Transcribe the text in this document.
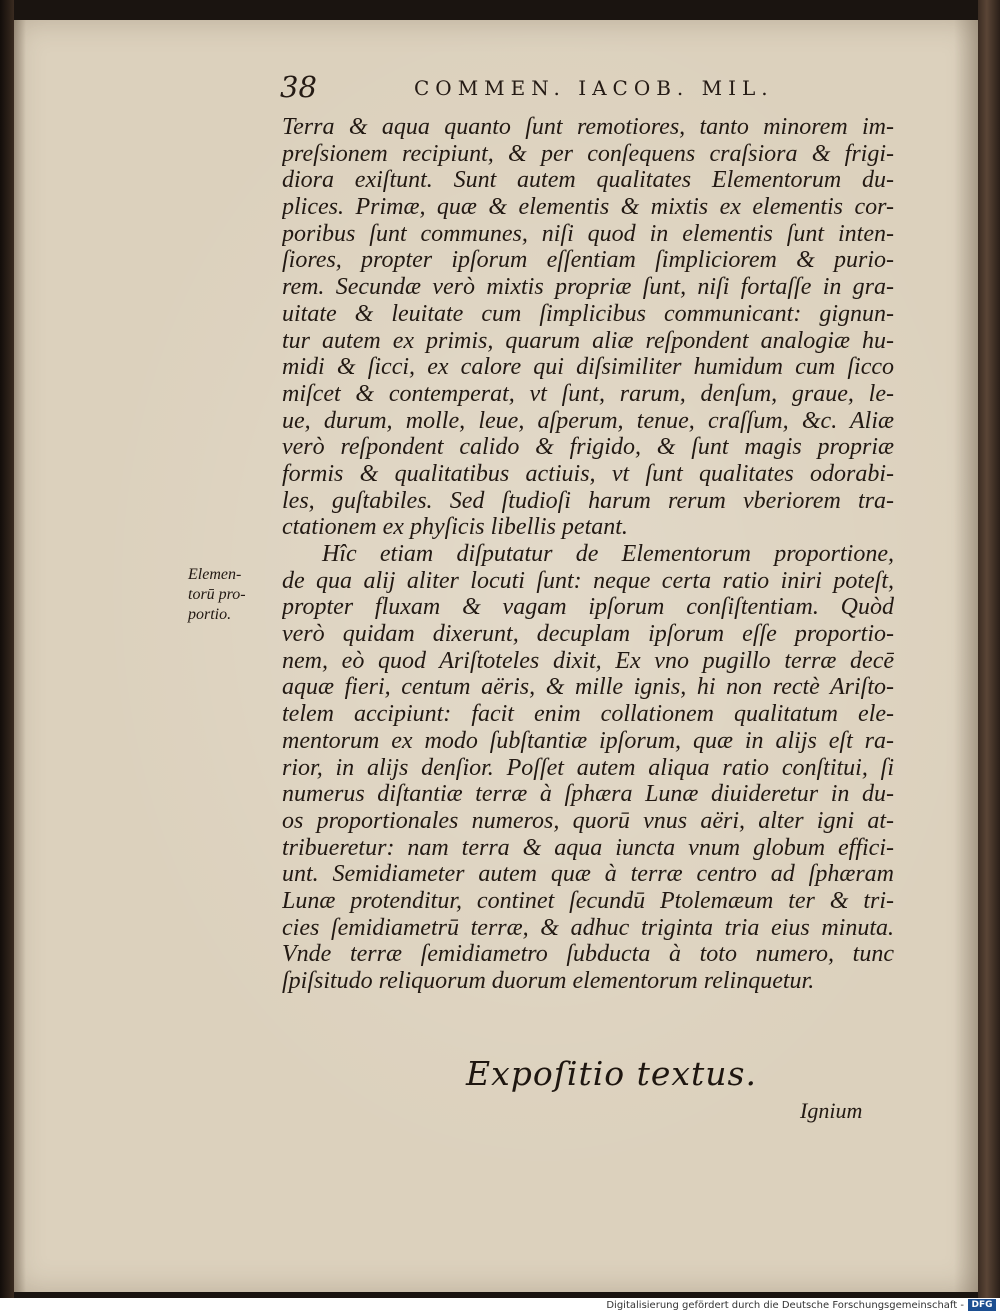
38	COMMEN. IACOB. MIL.
Elemen-
torū pro-
portio.
Terra & aqua quanto ſunt remotiores, tanto minorem im-
preſsionem recipiunt, & per conſequens craſsiora & frigi-
diora exiſtunt. Sunt autem qualitates Elementorum du-
plices. Primæ, quæ & elementis & mixtis ex elementis cor-
poribus ſunt communes, niſi quod in elementis ſunt inten-
ſiores, propter ipſorum eſſentiam ſimpliciorem & purio-
rem. Secundæ verò mixtis propriæ ſunt, niſi fortaſſe in gra-
uitate & leuitate cum ſimplicibus communicant: gignun-
tur autem ex primis, quarum aliæ reſpondent analogiæ hu-
midi & ſicci, ex calore qui diſsimiliter humidum cum ſicco
miſcet & contemperat, vt ſunt, rarum, denſum, graue, le-
ue, durum, molle, leue, aſperum, tenue, craſſum, &c. Aliæ
verò reſpondent calido & frigido, & ſunt magis propriæ
formis & qualitatibus actiuis, vt ſunt qualitates odorabi-
les, guſtabiles. Sed ſtudioſi harum rerum vberiorem tra-
ctationem ex phyſicis libellis petant.
Hîc etiam diſputatur de Elementorum proportione,
de qua alij aliter locuti ſunt: neque certa ratio iniri poteſt,
propter fluxam & vagam ipſorum conſiſtentiam. Quòd
verò quidam dixerunt, decuplam ipſorum eſſe proportio-
nem, eò quod Ariſtoteles dixit, Ex vno pugillo terræ decē
aquæ fieri, centum aëris, & mille ignis, hi non rectè Ariſto-
telem accipiunt: facit enim collationem qualitatum ele-
mentorum ex modo ſubſtantiæ ipſorum, quæ in alijs eſt ra-
rior, in alijs denſior. Poſſet autem aliqua ratio conſtitui, ſi
numerus diſtantiæ terræ à ſphæra Lunæ diuideretur in du-
os proportionales numeros, quorū vnus aëri, alter igni at-
tribueretur: nam terra & aqua iuncta vnum globum effici-
unt. Semidiameter autem quæ à terræ centro ad ſphæram
Lunæ protenditur, continet ſecundū Ptolemæum ter & tri-
cies ſemidiametrū terræ, & adhuc triginta tria eius minuta.
Vnde terræ ſemidiametro ſubducta à toto numero, tunc
ſpiſsitudo reliquorum duorum elementorum relinquetur.
Expoſitio textus.
Ignium
Digitalisierung gefördert durch die Deutsche Forschungsgemeinschaft - DFG
